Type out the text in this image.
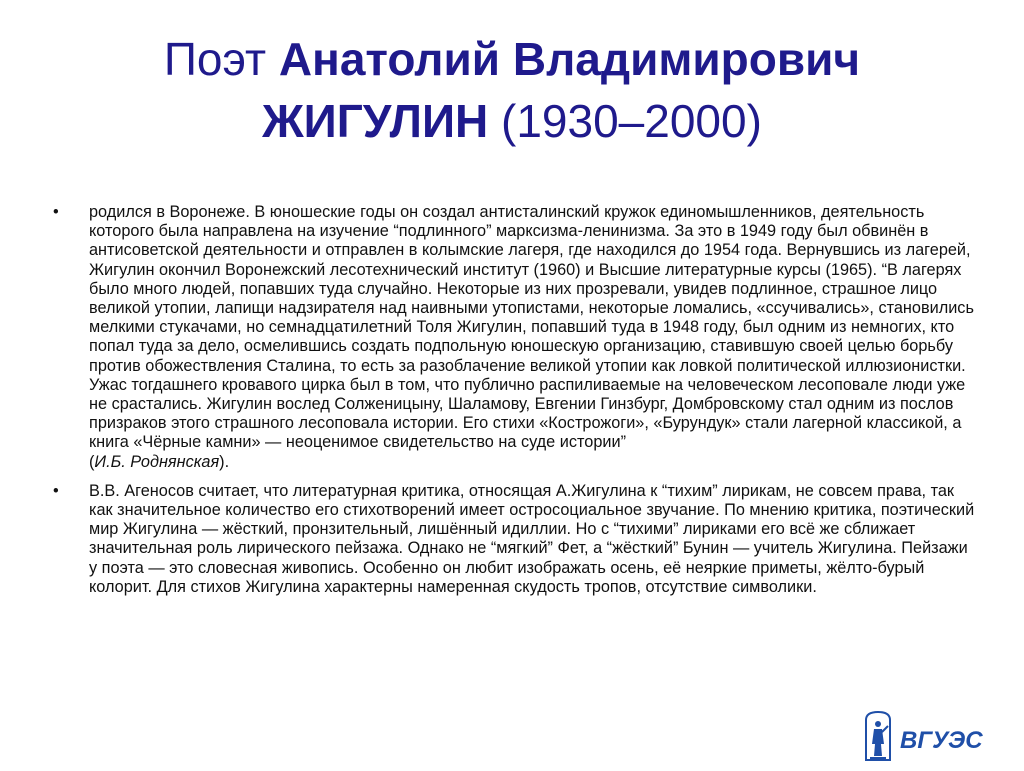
Поэт Анатолий Владимирович
ЖИГУЛИН (1930–2000)
•	родился в Воронеже. В юношеские годы он создал антисталинский кружок единомышленников, деятельность которого была направлена на изучение “подлинного” марксизма-ленинизма. За это в 1949 году был обвинён в антисоветской деятельности и отправлен в колымские лагеря, где находился до 1954 года. Вернувшись из лагерей, Жигулин окончил Воронежский лесотехнический институт (1960) и Высшие литературные курсы (1965). “В лагерях было много людей, попавших туда случайно. Некоторые из них прозревали, увидев подлинное, страшное лицо великой утопии, лапищи надзирателя над наивными утопистами, некоторые ломались, «ссучивались», становились мелкими стукачами, но семнадцатилетний Толя Жигулин, попавший туда в 1948 году, был одним из немногих, кто попал туда за дело, осмелившись создать подпольную юношескую организацию, ставившую своей целью борьбу против обожествления Сталина, то есть за разоблачение великой утопии как ловкой политической иллюзионистки. Ужас тогдашнего кровавого цирка был в том, что публично распиливаемые на человеческом лесоповале люди уже не срастались. Жигулин вослед Солженицыну, Шаламову, Евгении Гинзбург, Домбровскому стал одним из послов призраков этого страшного лесоповала истории. Его стихи «Кострожоги», «Бурундук» стали лагерной классикой, а книга «Чёрные камни» — неоценимое свидетельство на суде истории”
(И.Б. Роднянская).
•	В.В. Агеносов считает, что литературная критика, относящая А.Жигулина к “тихим” лирикам, не совсем права, так как значительное количество его стихотворений имеет остросоциальное звучание. По мнению критика, поэтический мир Жигулина — жёсткий, пронзительный, лишённый идиллии. Но с “тихими” лириками его всё же сближает значительная роль лирического пейзажа. Однако не “мягкий” Фет, а “жёсткий” Бунин — учитель Жигулина. Пейзажи у поэта — это словесная живопись. Особенно он любит изображать осень, её неяркие приметы, жёлто-бурый колорит. Для стихов Жигулина характерны намеренная скудость тропов, отсутствие символики.
ВГУЭС
